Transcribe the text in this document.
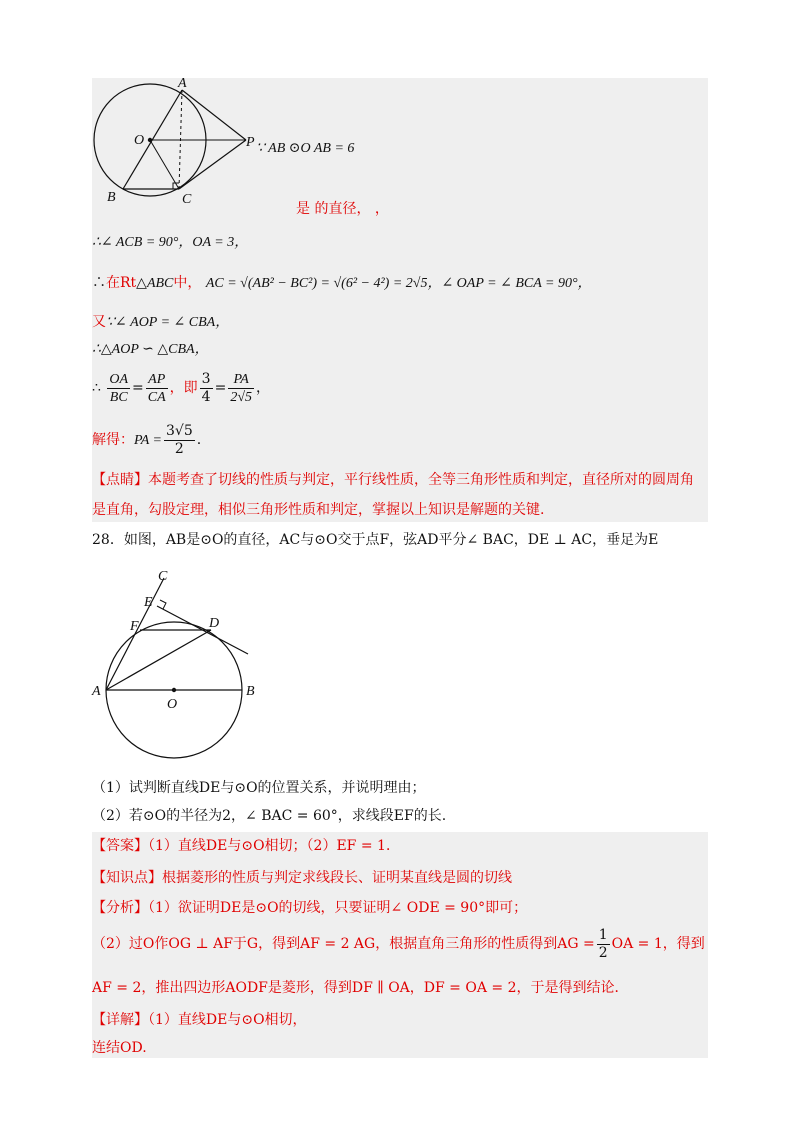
A
O	P
B	C
∵ AB ⊙O AB = 6
是 的直径， ，
∴∠ ACB = 90°，OA = 3，
∴在Rt△ABC中， AC = √(AB² − BC²) = √(6² − 4²) = 2√5，∠ OAP = ∠ BCA = 90°，
又∵∠ AOP = ∠ CBA，
∴△AOP ∽ △CBA，
∴ $\frac{OA}{BC} = \frac{AP}{CA}$ ，即 $\frac{3}{4} = \frac{PA}{2√5}$ ，
解得：PA = $\frac{3√5}{2}$ .
【点睛】本题考查了切线的性质与判定，平行线性质，全等三角形性质和判定，直径所对的圆周角
是直角，勾股定理，相似三角形性质和判定，掌握以上知识是解题的关键.
28．如图，AB是⊙O的直径，AC与⊙O交于点F，弦AD平分∠ BAC，DE ⊥ AC，垂足为E
C
E
F	D
A
O
B
（1）试判断直线DE与⊙O的位置关系，并说明理由；
（2）若⊙O的半径为2，∠ BAC = 60°，求线段EF的长.
【答案】（1）直线DE与⊙O相切；（2）EF = 1．
【知识点】根据菱形的性质与判定求线段长、证明某直线是圆的切线
【分析】（1）欲证明DE是⊙O的切线，只要证明∠ ODE = 90°即可；
（2）过O作OG ⊥ AF于G，得到AF = 2 AG，根据直角三角形的性质得到AG = $\frac{1}{2}$ OA = 1，得到
AF = 2，推出四边形AODF是菱形，得到DF ∥ OA，DF = OA = 2，于是得到结论．
【详解】（1）直线DE与⊙O相切，
连结OD.
